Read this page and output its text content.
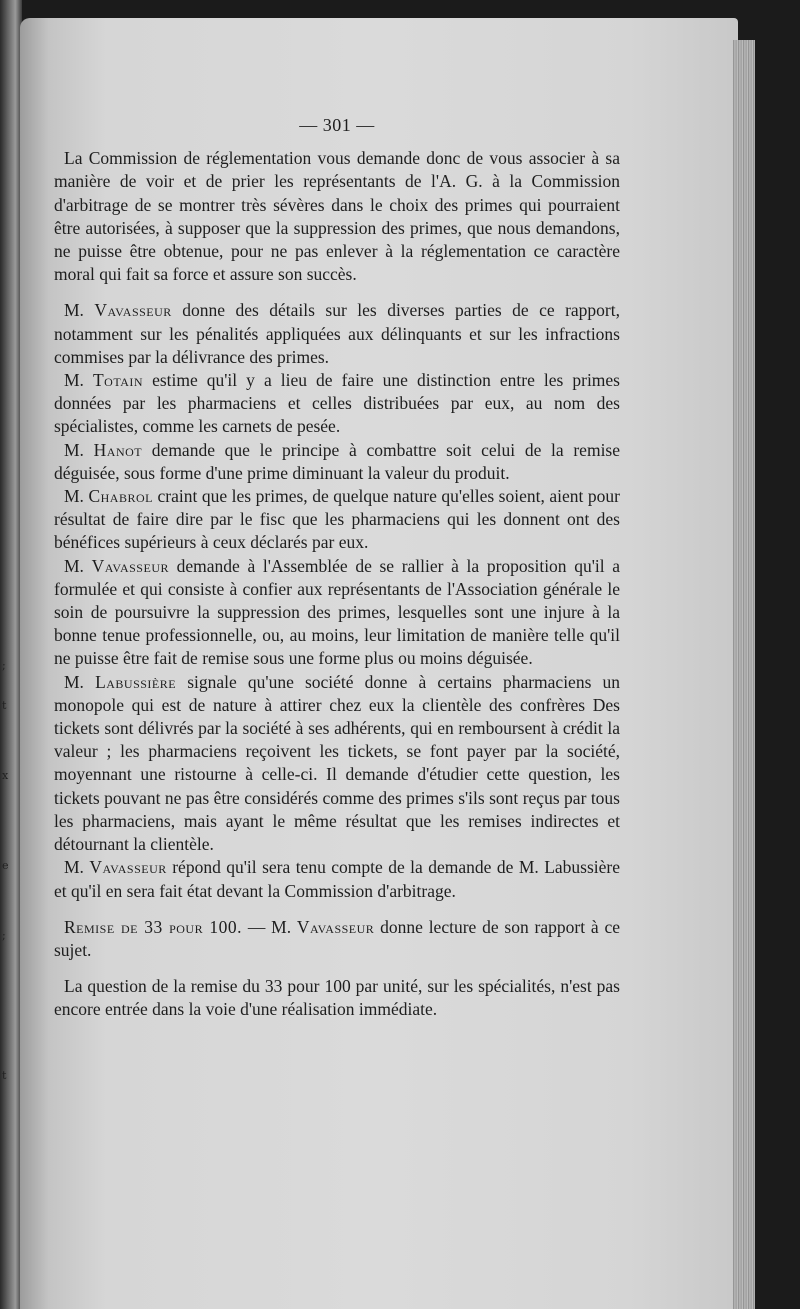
;
t
x
e
;
t
— 301 —

La Commission de réglementation vous demande donc de vous associer à sa manière de voir et de prier les représentants de l'A. G. à la Commission d'arbitrage de se montrer très sévères dans le choix des primes qui pourraient être autorisées, à supposer que la suppression des primes, que nous demandons, ne puisse être obtenue, pour ne pas enlever à la réglementation ce caractère moral qui fait sa force et assure son succès.

M. Vavasseur donne des détails sur les diverses parties de ce rapport, notamment sur les pénalités appliquées aux délinquants et sur les infractions commises par la délivrance des primes.

M. Totain estime qu'il y a lieu de faire une distinction entre les primes données par les pharmaciens et celles distribuées par eux, au nom des spécialistes, comme les carnets de pesée.

M. Hanot demande que le principe à combattre soit celui de la remise déguisée, sous forme d'une prime diminuant la valeur du produit.

M. Chabrol craint que les primes, de quelque nature qu'elles soient, aient pour résultat de faire dire par le fisc que les pharmaciens qui les donnent ont des bénéfices supérieurs à ceux déclarés par eux.

M. Vavasseur demande à l'Assemblée de se rallier à la proposition qu'il a formulée et qui consiste à confier aux représentants de l'Association générale le soin de poursuivre la suppression des primes, lesquelles sont une injure à la bonne tenue professionnelle, ou, au moins, leur limitation de manière telle qu'il ne puisse être fait de remise sous une forme plus ou moins déguisée.

M. Labussière signale qu'une société donne à certains pharmaciens un monopole qui est de nature à attirer chez eux la clientèle des confrères Des tickets sont délivrés par la société à ses adhérents, qui en remboursent à crédit la valeur ; les pharmaciens reçoivent les tickets, se font payer par la société, moyennant une ristourne à celle-ci. Il demande d'étudier cette question, les tickets pouvant ne pas être considérés comme des primes s'ils sont reçus par tous les pharmaciens, mais ayant le même résultat que les remises indirectes et détournant la clientèle.

M. Vavasseur répond qu'il sera tenu compte de la demande de M. Labussière et qu'il en sera fait état devant la Commission d'arbitrage.

Remise de 33 pour 100. — M. Vavasseur donne lecture de son rapport à ce sujet.

La question de la remise du 33 pour 100 par unité, sur les spécialités, n'est pas encore entrée dans la voie d'une réalisation immédiate.
